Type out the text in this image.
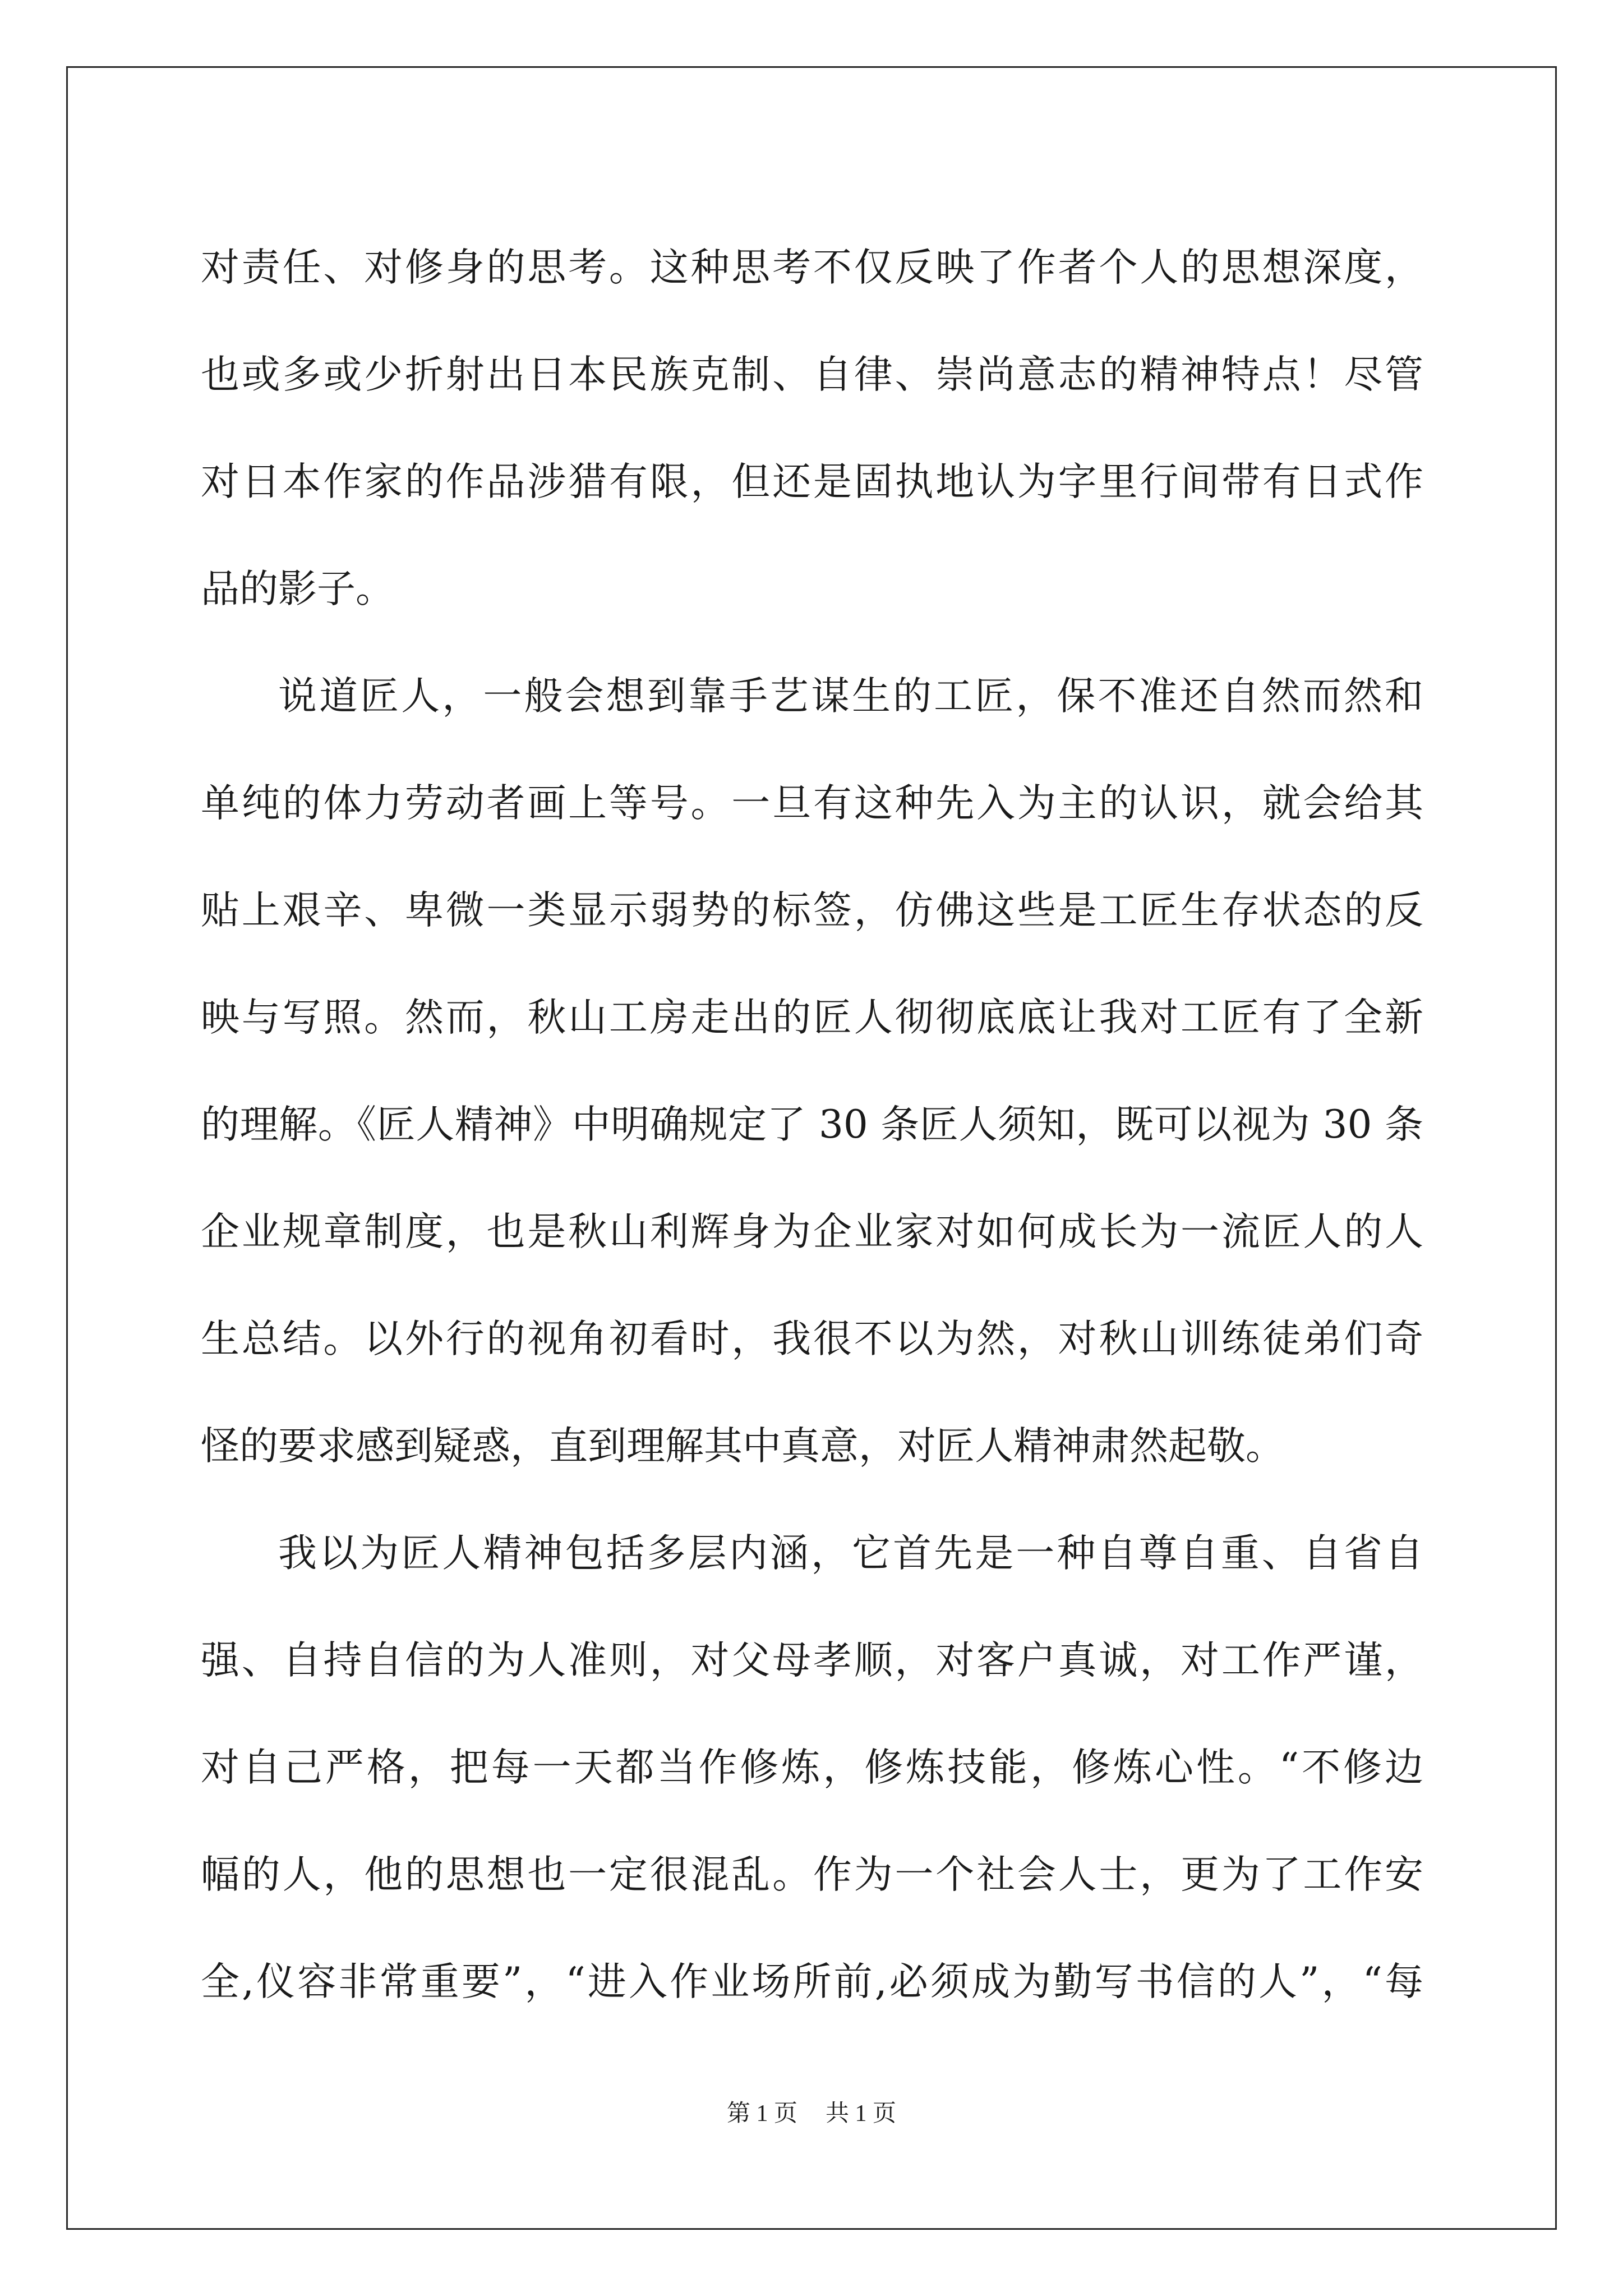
对责任、对修身的思考。这种思考不仅反映了作者个人的思想深度，
也或多或少折射出日本民族克制、自律、崇尚意志的精神特点！尽管
对日本作家的作品涉猎有限，但还是固执地认为字里行间带有日式作
品的影子。
说道匠人，一般会想到靠手艺谋生的工匠，保不准还自然而然和
单纯的体力劳动者画上等号。一旦有这种先入为主的认识，就会给其
贴上艰辛、卑微一类显示弱势的标签，仿佛这些是工匠生存状态的反
映与写照。然而，秋山工房走出的匠人彻彻底底让我对工匠有了全新
的理解。《匠人精神》中明确规定了 30 条匠人须知，既可以视为 30 条
企业规章制度，也是秋山利辉身为企业家对如何成长为一流匠人的人
生总结。以外行的视角初看时，我很不以为然，对秋山训练徒弟们奇
怪的要求感到疑惑，直到理解其中真意，对匠人精神肃然起敬。
我以为匠人精神包括多层内涵，它首先是一种自尊自重、自省自
强、自持自信的为人准则，对父母孝顺，对客户真诚，对工作严谨，
对自己严格，把每一天都当作修炼，修炼技能，修炼心性。“不修边
幅的人，他的思想也一定很混乱。作为一个社会人士，更为了工作安
全,仪容非常重要”，“进入作业场所前,必须成为勤写书信的人”，“每
第 1 页 共 1 页
